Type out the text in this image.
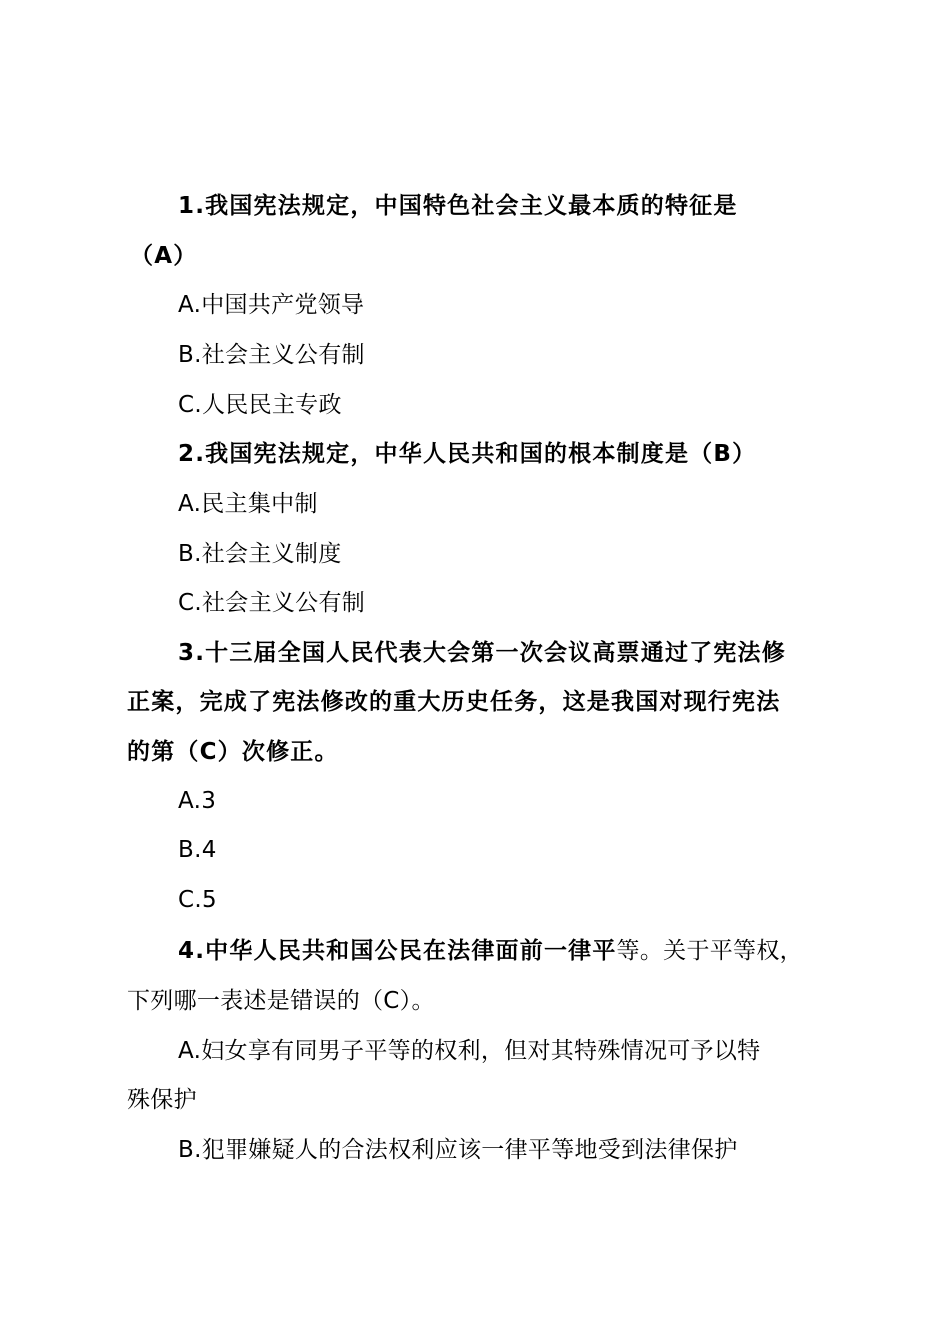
1.我国宪法规定，中国特色社会主义最本质的特征是
（A）
A.中国共产党领导
B.社会主义公有制
C.人民民主专政
2.我国宪法规定，中华人民共和国的根本制度是（B）
A.民主集中制
B.社会主义制度
C.社会主义公有制
3.十三届全国人民代表大会第一次会议高票通过了宪法修
正案，完成了宪法修改的重大历史任务，这是我国对现行宪法
的第（C）次修正。
A.3
B.4
C.5
4.中华人民共和国公民在法律面前一律平等。关于平等权，
下列哪一表述是错误的（C）。
A.妇女享有同男子平等的权利，但对其特殊情况可予以特
殊保护
B.犯罪嫌疑人的合法权利应该一律平等地受到法律保护
